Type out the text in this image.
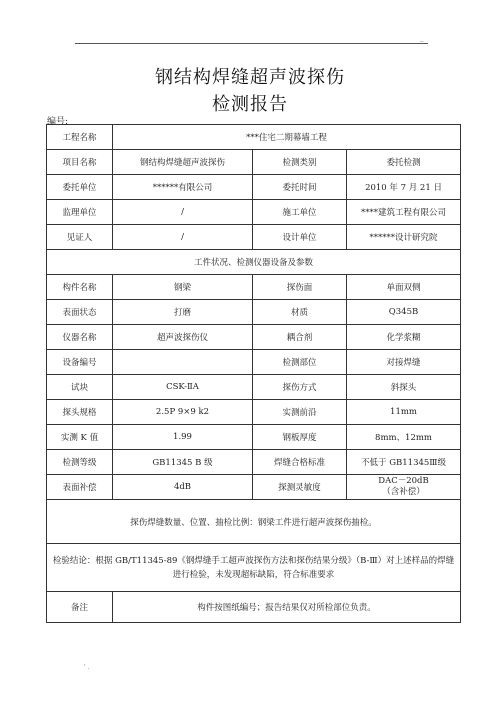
..
钢结构焊缝超声波探伤
检测报告
编号:
工程名称	***住宅二期幕墙工程		
项目名称	钢结构焊缝超声波探伤	检测类别	委托检测
委托单位	******有限公司	委托时间	2010 年 7 月 21 日
监理单位	/	施工单位	****建筑工程有限公司
见证人	/	设计单位	******设计研究院
工件状况、检测仪器设备及参数			
构件名称	钢梁	探伤面	单面双侧
表面状态	打磨	材质	Q345B
仪器名称	超声波探伤仪	耦合剂	化学浆糊
设备编号		检测部位	对接焊缝
试块	CSK-ⅡA	探伤方式	斜探头
探头规格	2.5P 9×9 k2	实测前沿	11mm
实测 K 值	1.99	钢板厚度	8mm、12mm
检测等级	GB11345 B 级	焊缝合格标准	不低于 GB11345Ⅲ级
表面补偿	4dB	探测灵敏度	DAC－20dB
（含补偿）

探伤焊缝数量、位置、抽检比例：钢梁工件进行超声波探伤抽检。			
检验结论：根据 GB/T11345-89《钢焊缝手工超声波探伤方法和探伤结果分级》（B-Ⅲ）对上述样品的焊缝进行检验，未发现超标缺陷，符合标准要求			
备注	构件按图纸编号；报告结果仅对所检部位负责。		
' .
